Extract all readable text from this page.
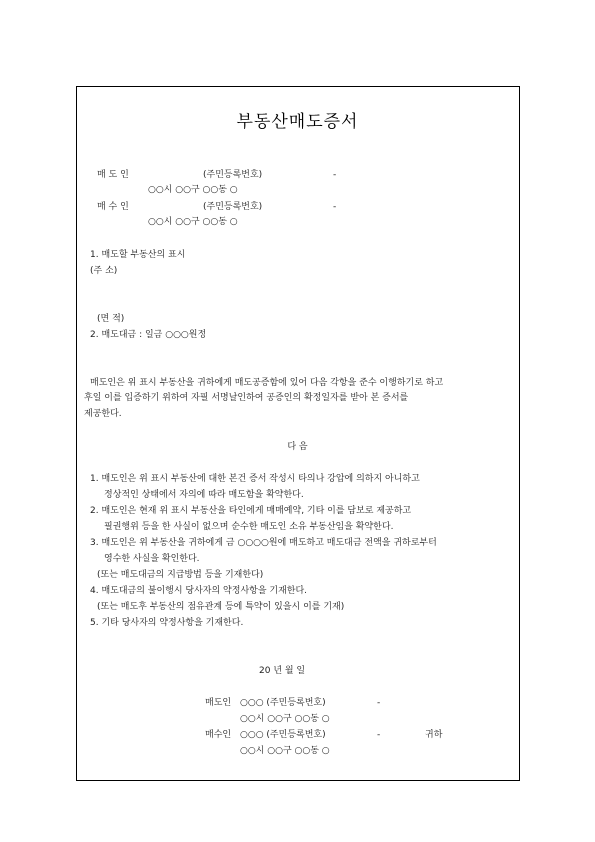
부동산매도증서
매 도 인	(주민등록번호)	-
○○시 ○○구 ○○동 ○
매 수 인	(주민등록번호)	-
○○시 ○○구 ○○동 ○
1. 매도할 부동산의 표시
(주 소)
(면 적)
2. 매도대금 : 일금 ○○○원정
매도인은 위 표시 부동산을 귀하에게 매도공증함에 있어 다음 각항을 준수 이행하기로 하고
후일 이를 입증하기 위하여 자필 서명날인하여 공증인의 확정일자를 받아 본 증서를
제공한다.
다 음
1. 매도인은 위 표시 부동산에 대한 본건 증서 작성시 타의나 강압에 의하지 아니하고
정상적인 상태에서 자의에 따라 매도함을 확약한다.
2. 매도인은 현재 위 표시 부동산을 타인에게 매매예약, 기타 이를 담보로 제공하고
필권행위 등을 한 사실이 없으며 순수한 매도인 소유 부동산임을 확약한다.
3. 매도인은 위 부동산을 귀하에게 금 ○○○○원에 매도하고 매도대금 전액을 귀하로부터
영수한 사실을 확인한다.
(또는 매도대금의 지급방법 등을 기재한다)
4. 매도대금의 불이행시 당사자의 약정사항을 기재한다.
(또는 매도후 부동산의 점유관계 등에 특약이 있을시 이를 기재)
5. 기타 당사자의 약정사항을 기재한다.
20 년 월 일
매도인 ○○○ (주민등록번호)	-
○○시 ○○구 ○○동 ○
매수인 ○○○ (주민등록번호)	-	귀하
○○시 ○○구 ○○동 ○
